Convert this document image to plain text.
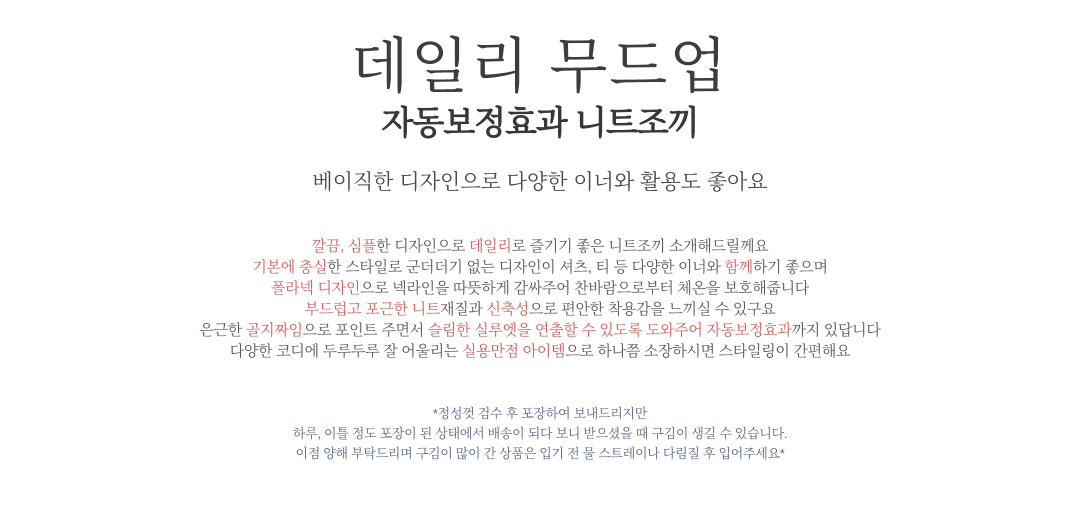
데일리 무드업
자동보정효과 니트조끼

베이직한 디자인으로 다양한 이너와 활용도 좋아요

깔끔, 심플한 디자인으로 데일리로 즐기기 좋은 니트조끼 소개해드릴께요

기본에 충실한 스타일로 군더더기 없는 디자인이 셔츠, 티 등 다양한 이너와 함께하기 좋으며

폴라넥 디자인으로 넥라인을 따뜻하게 감싸주어 찬바람으로부터 체온을 보호해줍니다

부드럽고 포근한 니트재질과 신축성으로 편안한 착용감을 느끼실 수 있구요

은근한 골지짜임으로 포인트 주면서 슬림한 실루엣을 연출할 수 있도록 도와주어 자동보정효과까지 있답니다

다양한 코디에 두루두루 잘 어울리는 실용만점 아이템으로 하나쯤 소장하시면 스타일링이 간편해요

*정성껏 검수 후 포장하여 보내드리지만

하루, 이틀 정도 포장이 된 상태에서 배송이 되다 보니 받으셨을 때 구김이 생길 수 있습니다.

이점 양해 부탁드리며 구김이 많이 간 상품은 입기 전 물 스트레이나 다림질 후 입어주세요*
